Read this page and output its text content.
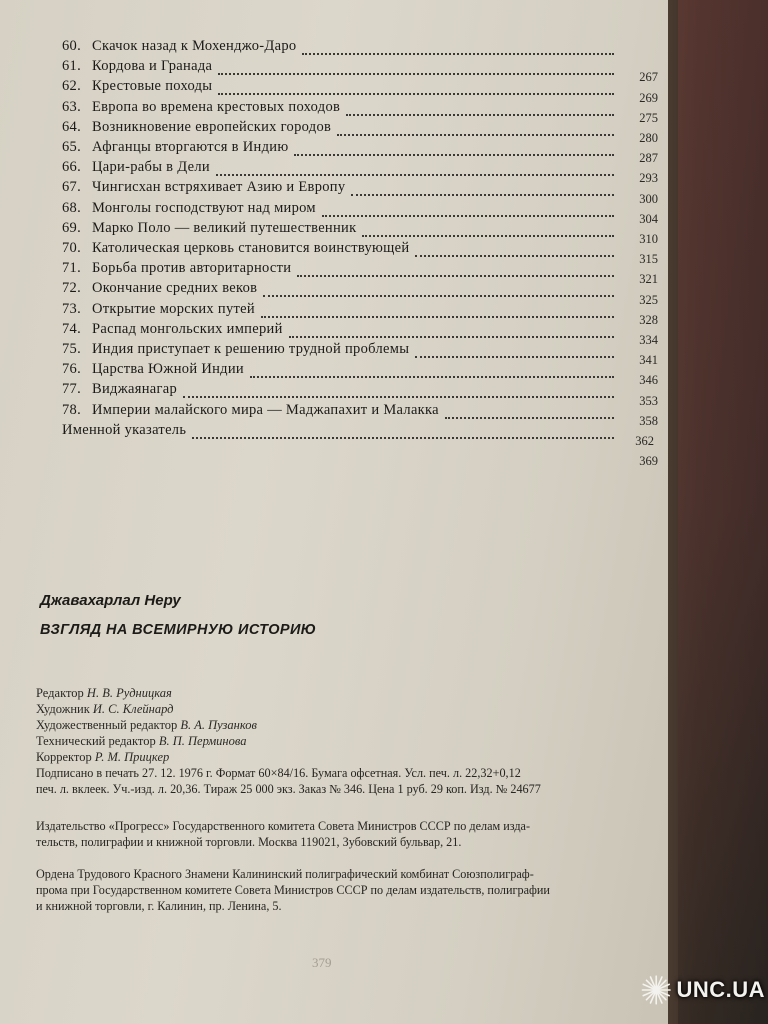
60. Скачок назад к Мохенджо-Даро
61. Кордова и Гранада
62. Крестовые походы
267
63. Европа во времена крестовых походов
269
64. Возникновение европейских городов
275
65. Афганцы вторгаются в Индию
280
66. Цари-рабы в Дели
287
67. Чингисхан встряхивает Азию и Европу
293
68. Монголы господствуют над миром
300
69. Марко Поло — великий путешественник
304
70. Католическая церковь становится воинствующей
310
71. Борьба против авторитарности
315
72. Окончание средних веков
321
73. Открытие морских путей
325
74. Распад монгольских империй
328
75. Индия приступает к решению трудной проблемы
334
76. Царства Южной Индии
341
77. Виджаянагар
346
78. Империи малайского мира — Маджапахит и Малакка
353
Именной указатель
358
362
369
Джавахарлал Неру
ВЗГЛЯД НА ВСЕМИРНУЮ ИСТОРИЮ
Редактор Н. В. Рудницкая
Художник И. С. Клейнард
Художественный редактор В. А. Пузанков
Технический редактор В. П. Перминова
Корректор Р. М. Прицкер
Подписано в печать 27. 12. 1976 г. Формат 60×84/16. Бумага офсетная. Усл. печ. л. 22,32+0,12
печ. л. вклеек. Уч.-изд. л. 20,36. Тираж 25 000 экз. Заказ № 346. Цена 1 руб. 29 коп. Изд. № 24677
Издательство «Прогресс» Государственного комитета Совета Министров СССР по делам изда-
тельств, полиграфии и книжной торговли. Москва 119021, Зубовский бульвар, 21.
Ордена Трудового Красного Знамени Калининский полиграфический комбинат Союзполиграф-
прома при Государственном комитете Совета Министров СССР по делам издательств, полиграфии
и книжной торговли, г. Калинин, пр. Ленина, 5.
379
UNC.UA
